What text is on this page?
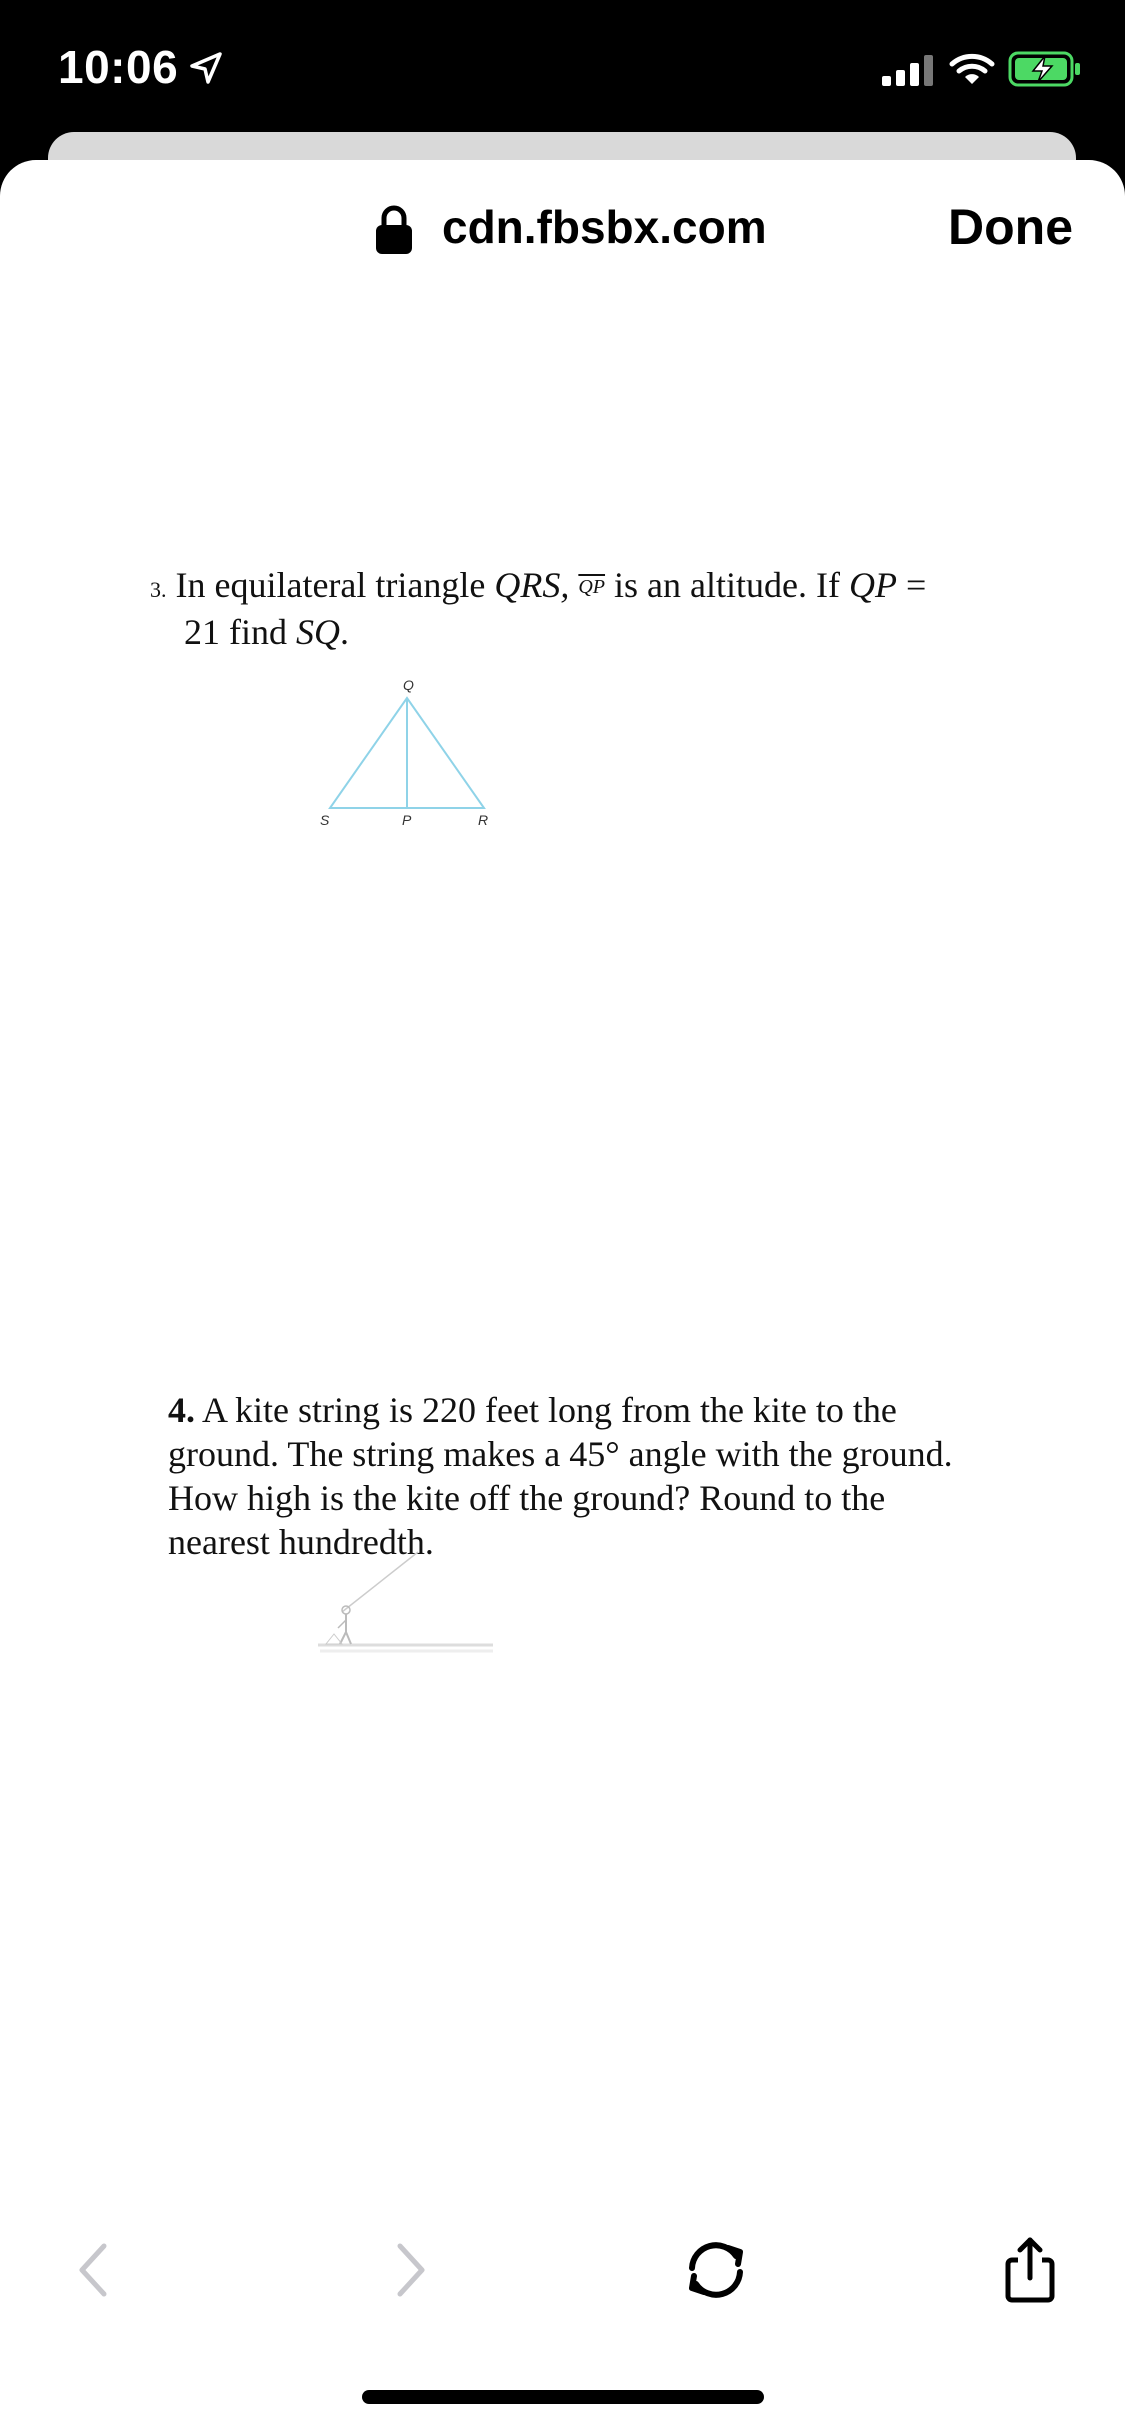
10:06
cdn.fbsbx.com	Done
3. In equilateral triangle QRS, $\overline{QP}$ is an altitude. If QP =
21 find SQ.
Q
S	P	R
4. A kite string is 220 feet long from the kite to the ground. The string makes a 45° angle with the ground. How high is the kite off the ground? Round to the nearest hundredth.
